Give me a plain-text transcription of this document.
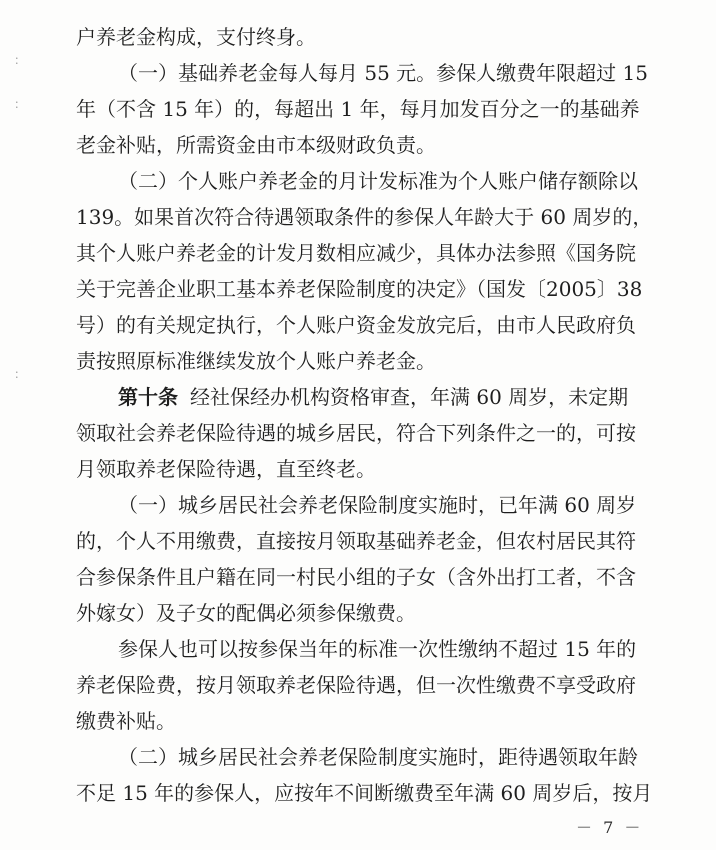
：
：
：
户养老金构成，支付终身。
（一）基础养老金每人每月 55 元。参保人缴费年限超过 15
年（不含 15 年）的，每超出 1 年，每月加发百分之一的基础养
老金补贴，所需资金由市本级财政负责。
（二）个人账户养老金的月计发标准为个人账户储存额除以
139。如果首次符合待遇领取条件的参保人年龄大于 60 周岁的，
其个人账户养老金的计发月数相应减少，具体办法参照《国务院
关于完善企业职工基本养老保险制度的决定》（国发〔2005〕38
号）的有关规定执行，个人账户资金发放完后，由市人民政府负
责按照原标准继续发放个人账户养老金。
第十条 经社保经办机构资格审查，年满 60 周岁，未定期
领取社会养老保险待遇的城乡居民，符合下列条件之一的，可按
月领取养老保险待遇，直至终老。
（一）城乡居民社会养老保险制度实施时，已年满 60 周岁
的，个人不用缴费，直接按月领取基础养老金，但农村居民其符
合参保条件且户籍在同一村民小组的子女（含外出打工者，不含
外嫁女）及子女的配偶必须参保缴费。
参保人也可以按参保当年的标准一次性缴纳不超过 15 年的
养老保险费，按月领取养老保险待遇，但一次性缴费不享受政府
缴费补贴。
（二）城乡居民社会养老保险制度实施时，距待遇领取年龄
不足 15 年的参保人，应按年不间断缴费至年满 60 周岁后，按月
－ 7 －
